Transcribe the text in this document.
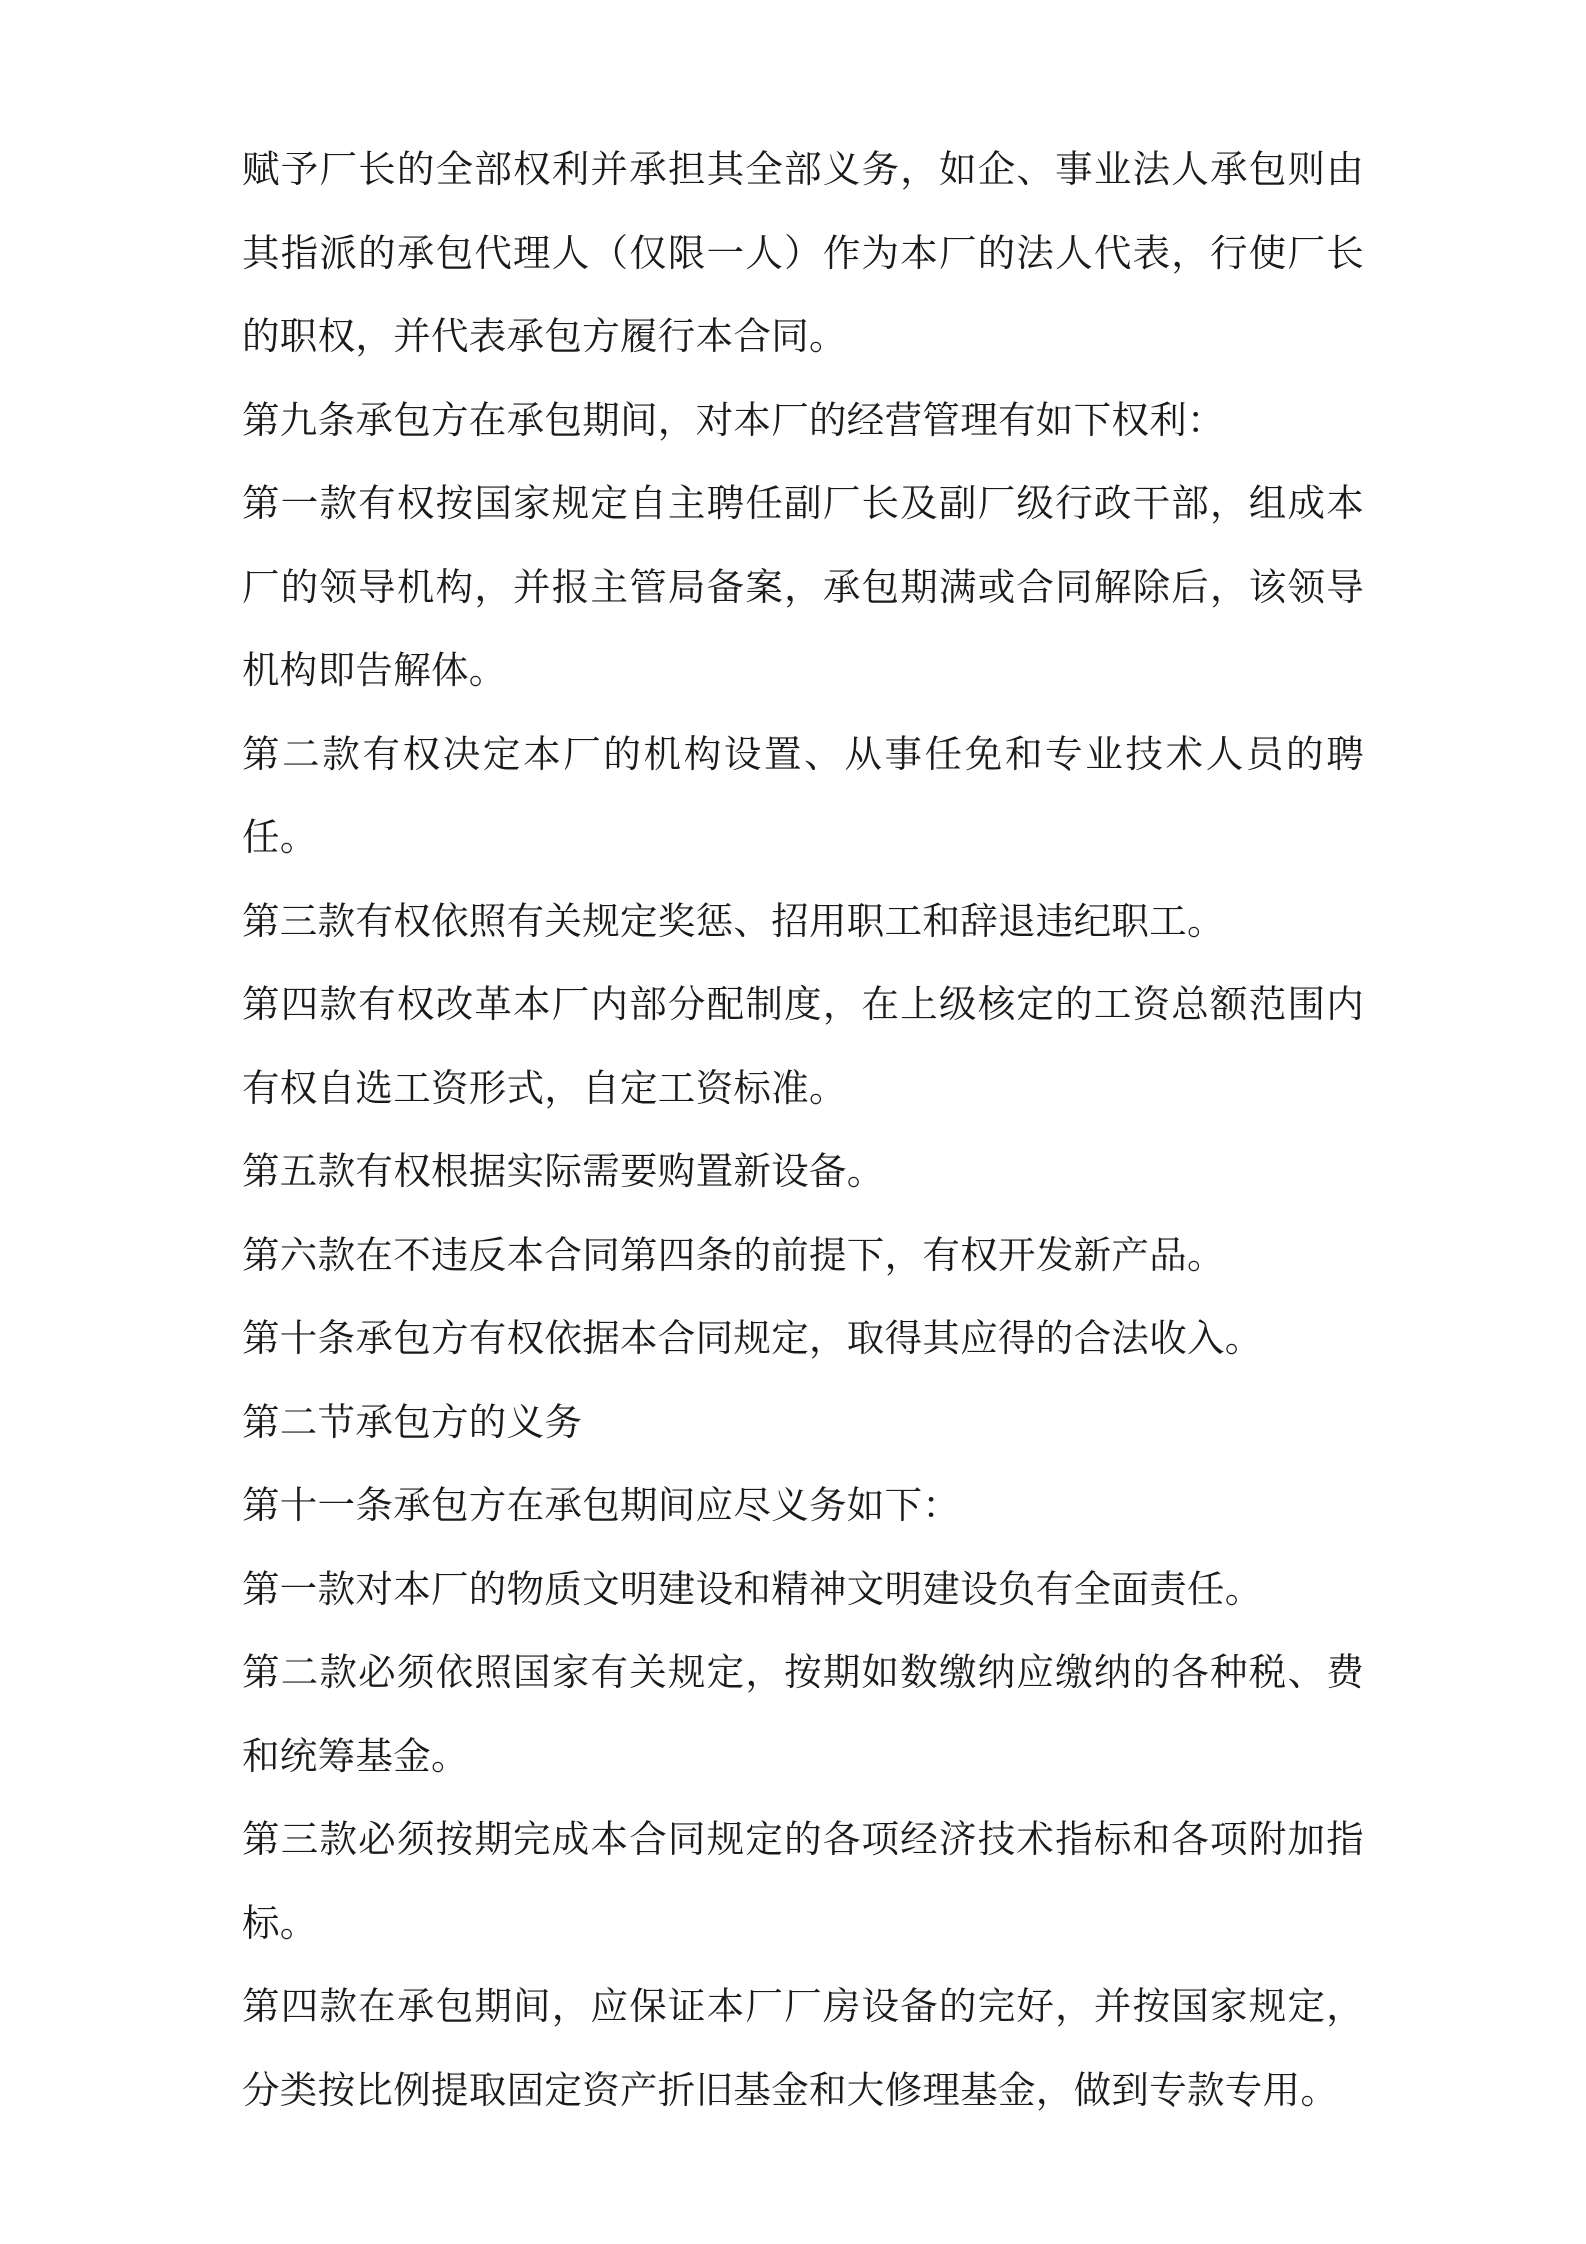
赋予厂长的全部权利并承担其全部义务，如企、事业法人承包则由其指派的承包代理人（仅限一人）作为本厂的法人代表，行使厂长的职权，并代表承包方履行本合同。

第九条承包方在承包期间，对本厂的经营管理有如下权利：

第一款有权按国家规定自主聘任副厂长及副厂级行政干部，组成本厂的领导机构，并报主管局备案，承包期满或合同解除后，该领导机构即告解体。

第二款有权决定本厂的机构设置、从事任免和专业技术人员的聘任。

第三款有权依照有关规定奖惩、招用职工和辞退违纪职工。

第四款有权改革本厂内部分配制度，在上级核定的工资总额范围内有权自选工资形式，自定工资标准。

第五款有权根据实际需要购置新设备。

第六款在不违反本合同第四条的前提下，有权开发新产品。

第十条承包方有权依据本合同规定，取得其应得的合法收入。

第二节承包方的义务

第十一条承包方在承包期间应尽义务如下：

第一款对本厂的物质文明建设和精神文明建设负有全面责任。

第二款必须依照国家有关规定，按期如数缴纳应缴纳的各种税、费和统筹基金。

第三款必须按期完成本合同规定的各项经济技术指标和各项附加指标。

第四款在承包期间，应保证本厂厂房设备的完好，并按国家规定，分类按比例提取固定资产折旧基金和大修理基金，做到专款专用。
